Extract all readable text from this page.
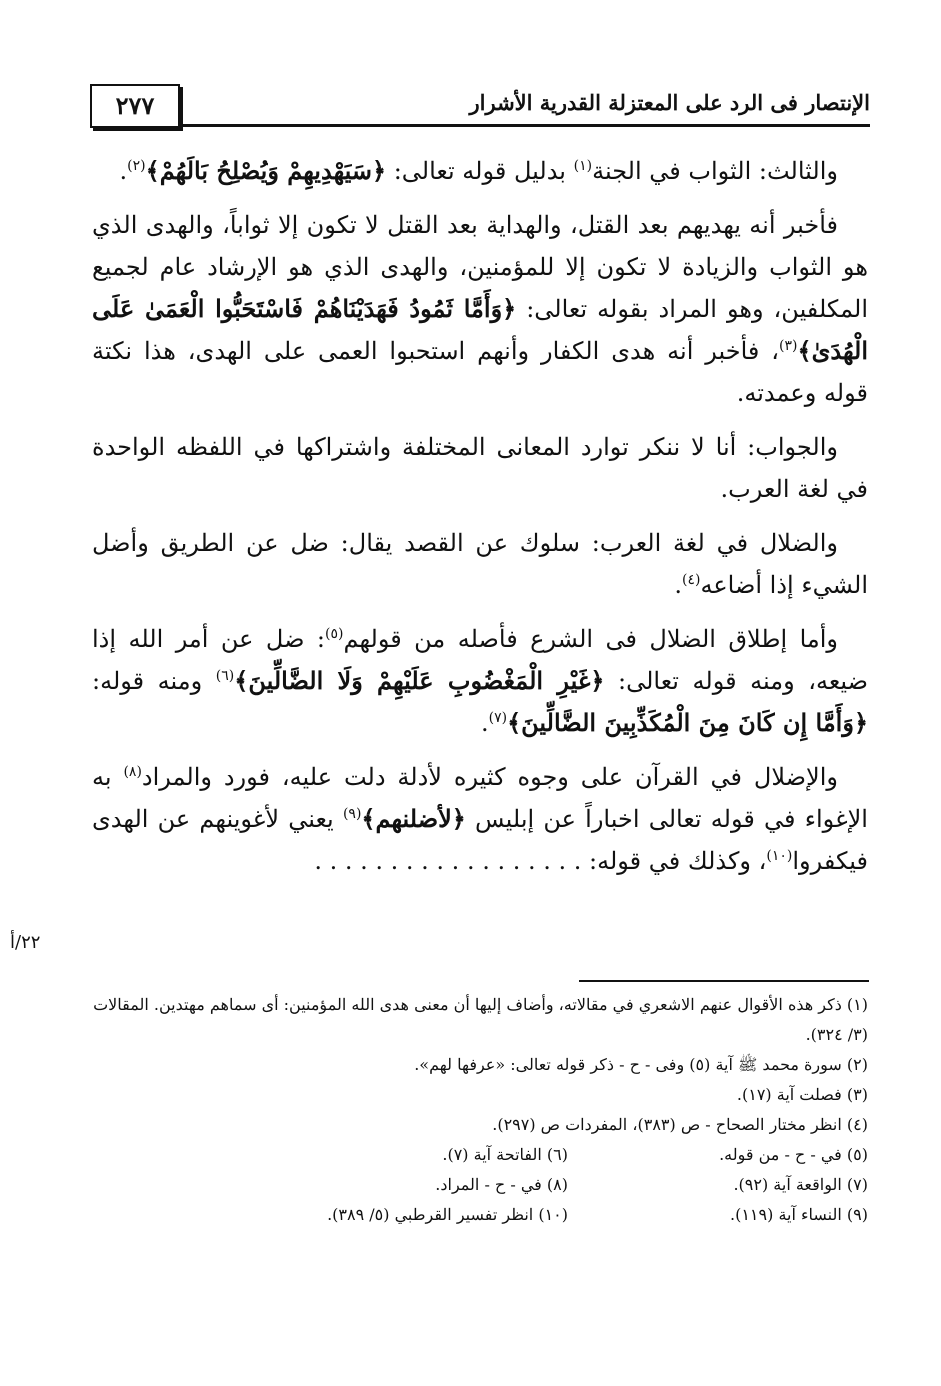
٢٧٧	الإنتصار فى الرد على المعتزلة القدرية الأشرار

والثالث: الثواب في الجنة$^{(١)}$ بدليل قوله تعالى: ﴿سَيَهْدِيهِمْ وَيُصْلِحُ بَالَهُمْ﴾$^{(٢)}$.

فأخبر أنه يهديهم بعد القتل، والهداية بعد القتل لا تكون إلا ثواباً، والهدى الذي هو الثواب والزيادة لا تكون إلا للمؤمنين، والهدى الذي هو الإرشاد عام لجميع المكلفين، وهو المراد بقوله تعالى: ﴿وَأَمَّا ثَمُودُ فَهَدَيْنَاهُمْ فَاسْتَحَبُّوا الْعَمَىٰ عَلَى الْهُدَىٰ﴾$^{(٣)}$، فأخبر أنه هدى الكفار وأنهم استحبوا العمى على الهدى، هذا نكتة قوله وعمدته.

والجواب: أنا لا ننكر توارد المعانى المختلفة واشتراكها في اللفظه الواحدة في لغة العرب.

والضلال في لغة العرب: سلوك عن القصد يقال: ضل عن الطريق وأضل الشيء إذا أضاعه$^{(٤)}$.

وأما إطلاق الضلال فى الشرع فأصله من قولهم$^{(٥)}$: ضل عن أمر الله إذا ضيعه، ومنه قوله تعالى: ﴿غَيْرِ الْمَغْضُوبِ عَلَيْهِمْ وَلَا الضَّالِّينَ﴾$^{(٦)}$ ومنه قوله: ﴿وَأَمَّا إِن كَانَ مِنَ الْمُكَذِّبِينَ الضَّالِّينَ﴾$^{(٧)}$.

والإضلال في القرآن على وجوه كثيره لأدلة دلت عليه، فورد والمراد$^{(٨)}$ به الإغواء في قوله تعالى اخباراً عن إبليس ﴿لأضلنهم﴾$^{(٩)}$ يعني لأغوينهم عن الهدى فيكفروا$^{(١٠)}$، وكذلك في قوله: . . . . . . . . . . . . . . . . . .

٢٢/أ

(١) ذكر هذه الأقوال عنهم الاشعري في مقالاته، وأضاف إليها أن معنى هدى الله المؤمنين: أى سماهم مهتدين. المقالات (٣/ ٣٢٤).

(٢) سورة محمد ﷺ آية (٥) وفى - ح - ذكر قوله تعالى: «عرفها لهم».

(٣) فصلت آية (١٧).

(٤) انظر مختار الصحاح - ص (٣٨٣)، المفردات ص (٢٩٧).

(٥) في - ح - من قوله.

(٦) الفاتحة آية (٧).

(٧) الواقعة آية (٩٢).

(٨) في - ح - المراد.

(٩) النساء آية (١١٩).

(١٠) انظر تفسير القرطبي (٥/ ٣٨٩).
